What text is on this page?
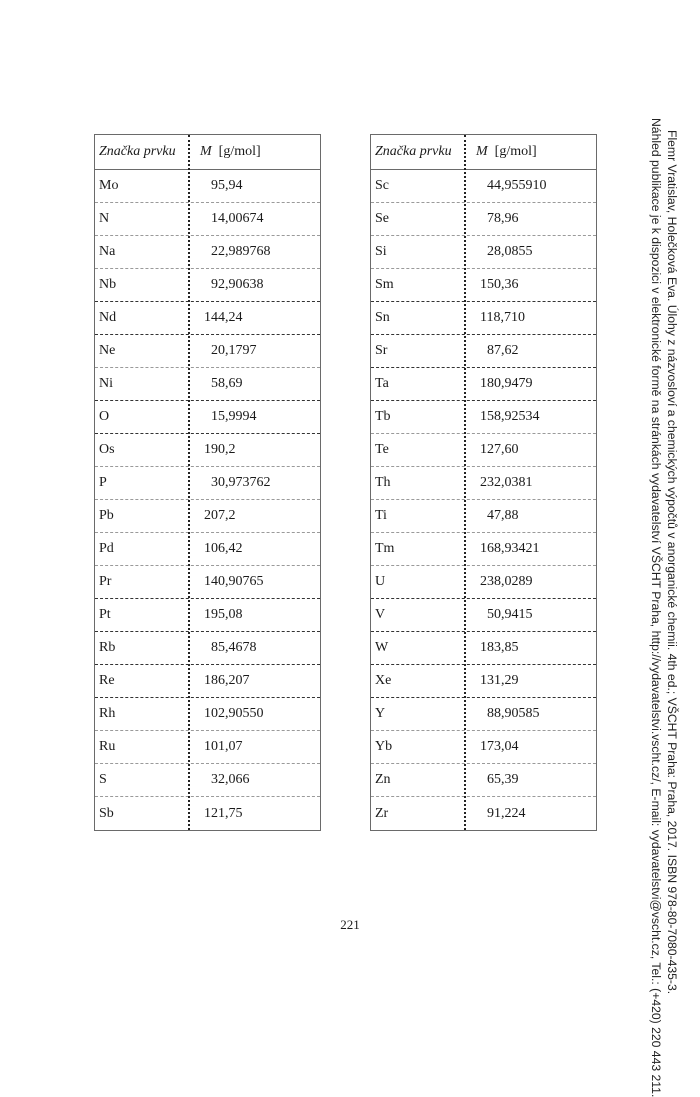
Značka prvku	M [g/mol]
Mo	95,94
N	14,00674
Na	22,989768
Nb	92,90638
Nd	144,24
Ne	20,1797
Ni	58,69
O	15,9994
Os	190,2
P	30,973762
Pb	207,2
Pd	106,42
Pr	140,90765
Pt	195,08
Rb	85,4678
Re	186,207
Rh	102,90550
Ru	101,07
S	32,066
Sb	121,75
Značka prvku	M [g/mol]
Sc	44,955910
Se	78,96
Si	28,0855
Sm	150,36
Sn	118,710
Sr	87,62
Ta	180,9479
Tb	158,92534
Te	127,60
Th	232,0381
Ti	47,88
Tm	168,93421
U	238,0289
V	50,9415
W	183,85
Xe	131,29
Y	88,90585
Yb	173,04
Zn	65,39
Zr	91,224
221	Flemr Vratislav, Holečková Eva. Úlohy z názvosloví a chemických výpočtů v anorganické chemii. 4th ed.; VŠCHT Praha: Praha, 2017. ISBN 978-80-7080-435-3.
Náhled publikace je k dispozici v elektronické formě na stránkách vydavatelství VŠCHT Praha, http://vydavatelstvi.vscht.cz/, E-mail: vydavatelstvi@vscht.cz, Tel.: (+420) 220 443 211.
